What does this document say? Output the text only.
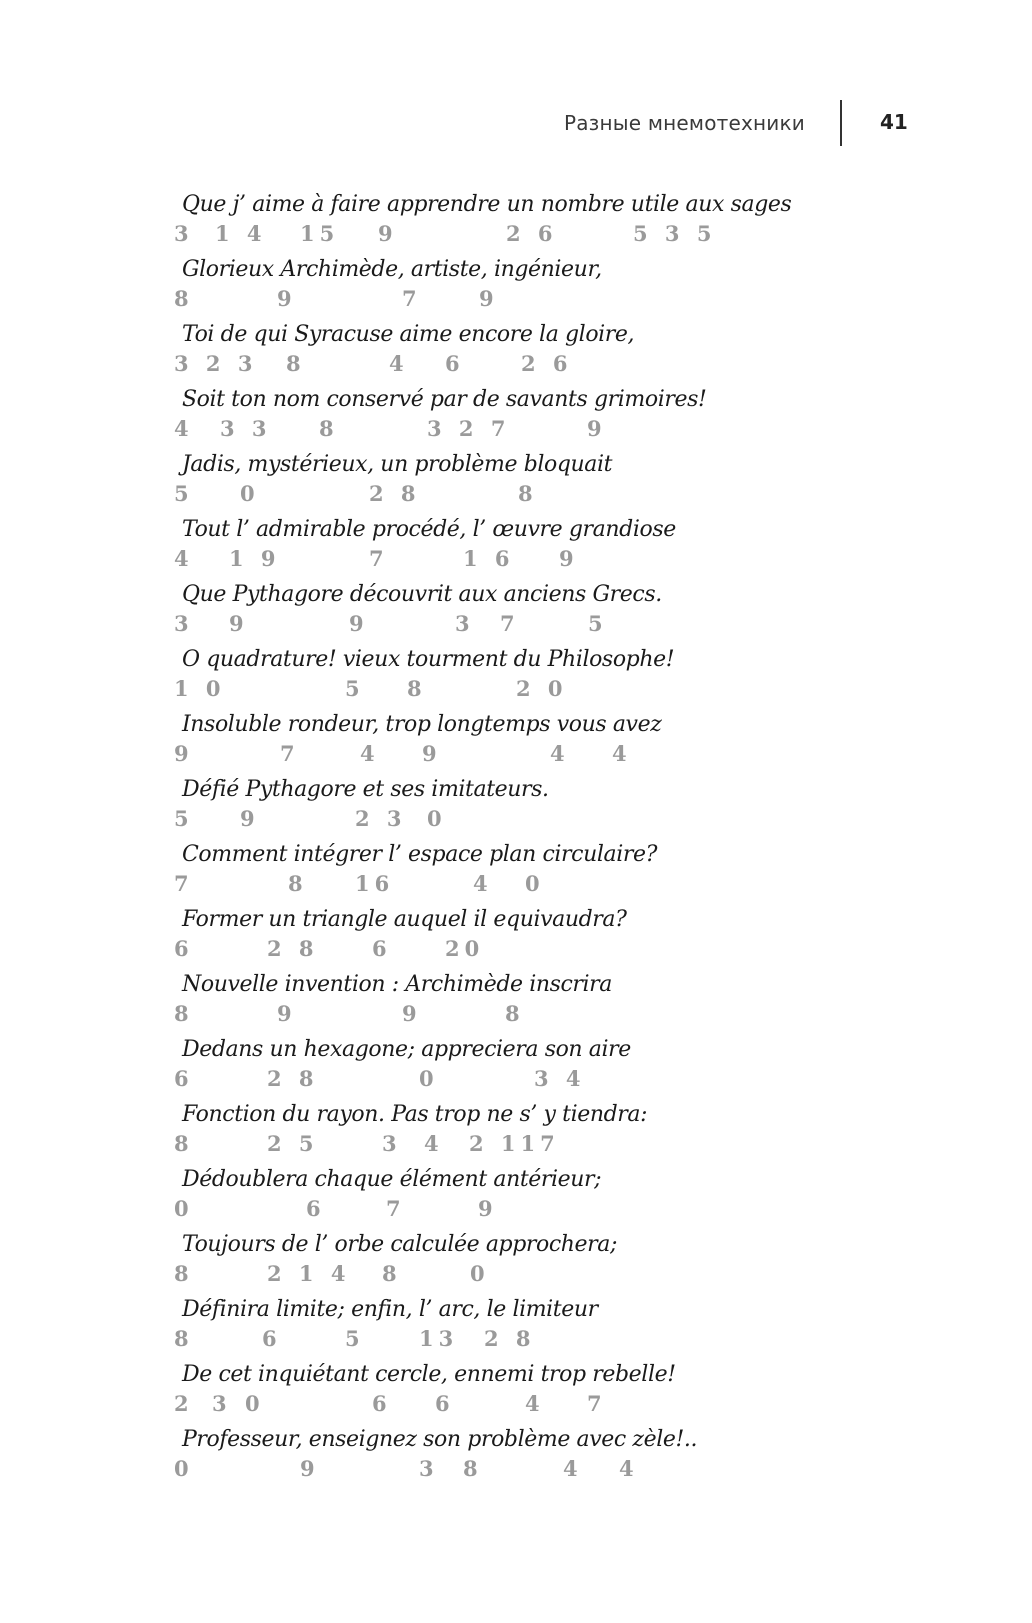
Разные мнемотехники	41
Que j’ aime à faire apprendre un nombre utile aux sages
3 1 4 15 9	2 6	5 3 5
Glorieux Archimède, artiste, ingénieur,
8	9	7	9
Toi de qui Syracuse aime encore la gloire,
3 2 3 8	4 6	2 6
Soit ton nom conservé par de savants grimoires!
4 3 3 8	3 2 7	9
Jadis, mystérieux, un problème bloquait
5 0	2 8	8
Tout l’ admirable procédé, l’ œuvre grandiose
4 1 9	7	1 6 9
Que Pythagore découvrit aux anciens Grecs.
3 9	9	3 7	5
O quadrature! vieux tourment du Philosophe!
1 0	5 8	2 0
Insoluble rondeur, trop longtemps vous avez
9	7	4 9	4 4
Défié Pythagore et ses imitateurs.
5 9	2 3 0
Comment intégrer l’ espace plan circulaire?
7	8 16	4 0
Former un triangle auquel il equivaudra?
6	2 8	6	20
Nouvelle invention : Archimède inscrira
8	9	9	8
Dedans un hexagone; appreciera son aire
6	2 8	0	3 4
Fonction du rayon. Pas trop ne s’ y tiendra:
8	2 5	3 4 2 117
Dédoublera chaque élément antérieur;
0	6	7	9
Toujours de l’ orbe calculée approchera;
8	2 1 4 8	0
Définira limite; enfin, l’ arc, le limiteur
8	6	5	13 2 8
De cet inquiétant cercle, ennemi trop rebelle!
2 3 0	6 6	4 7
Professeur, enseignez son problème avec zèle!..
0	9	3 8	4 4
